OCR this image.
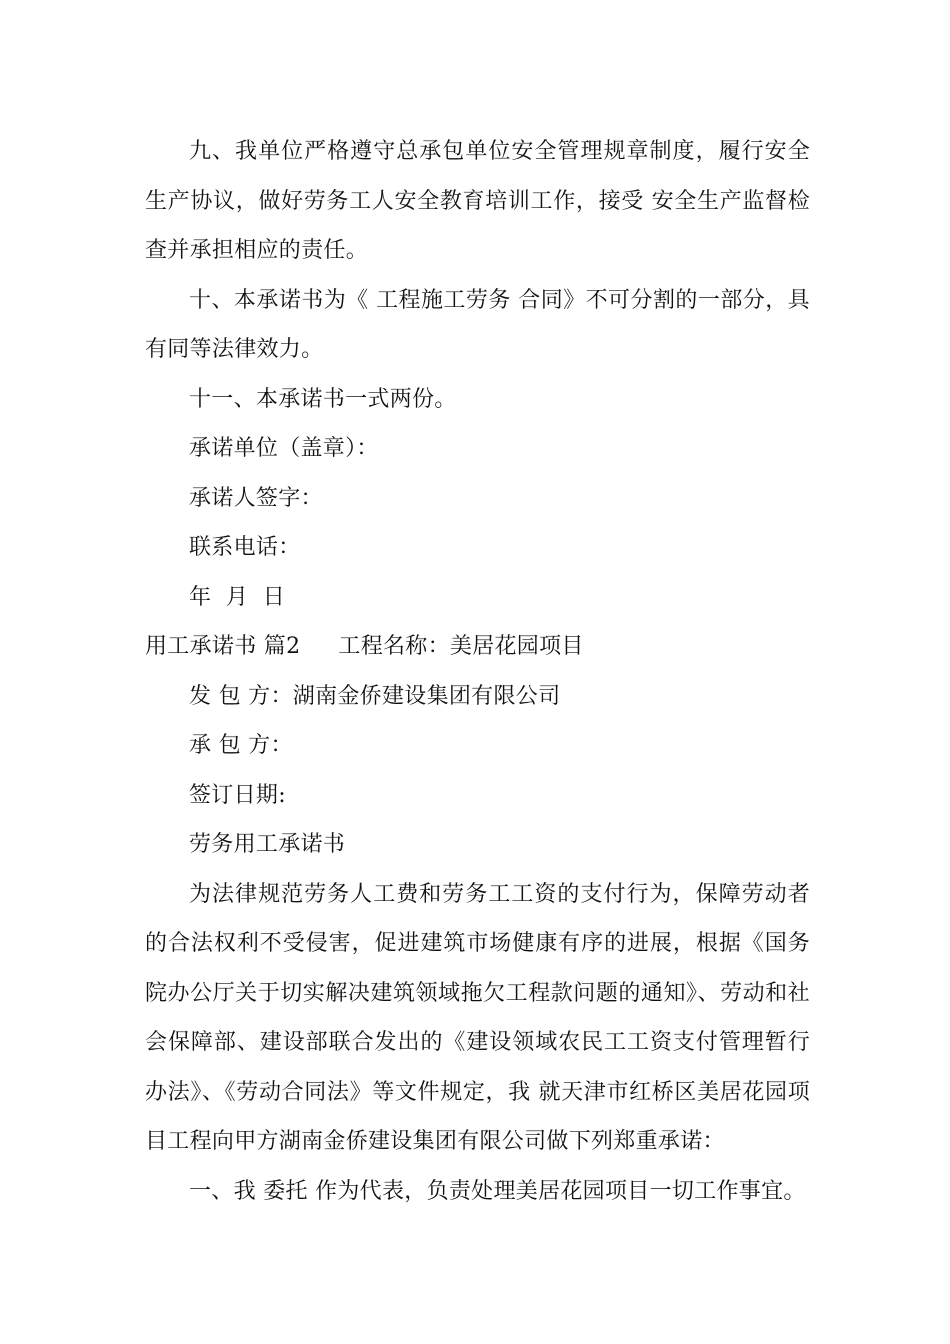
九、我单位严格遵守总承包单位安全管理规章制度，履行安全生产协议，做好劳务工人安全教育培训工作，接受 安全生产监督检查并承担相应的责任。

十、本承诺书为《 工程施工劳务 合同》不可分割的一部分，具有同等法律效力。

十一、本承诺书一式两份。

承诺单位（盖章）：

承诺人签字：

联系电话：

年  月  日

用工承诺书 篇2 工程名称：美居花园项目

发 包 方：湖南金侨建设集团有限公司

承 包 方：

签订日期:

劳务用工承诺书

为法律规范劳务人工费和劳务工工资的支付行为，保障劳动者的合法权利不受侵害，促进建筑市场健康有序的进展，根据《国务院办公厅关于切实解决建筑领域拖欠工程款问题的通知》、劳动和社会保障部、建设部联合发出的《建设领域农民工工资支付管理暂行办法》、《劳动合同法》等文件规定，我 就天津市红桥区美居花园项目工程向甲方湖南金侨建设集团有限公司做下列郑重承诺：

一、我 委托 作为代表，负责处理美居花园项目一切工作事宜。
